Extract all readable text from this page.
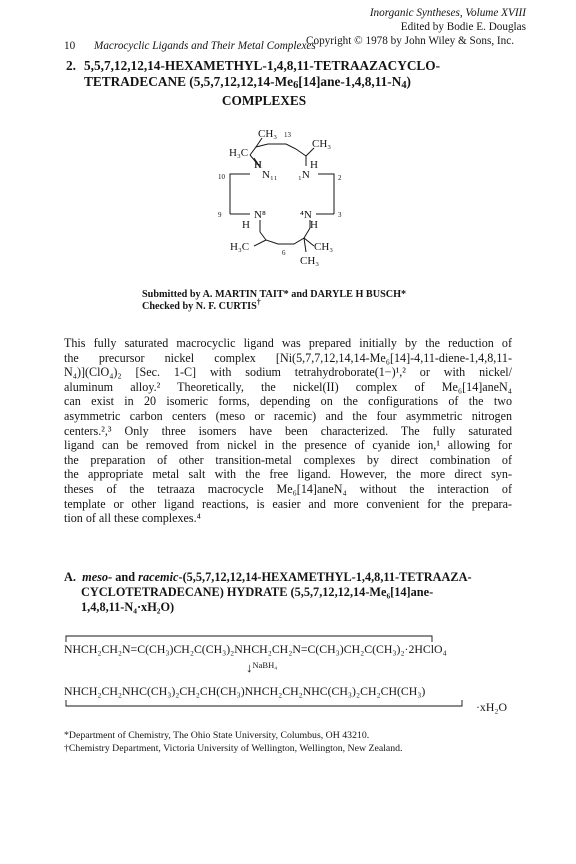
Inorganic Syntheses, Volume XVIII
Edited by Bodie E. Douglas
Copyright © 1978 by John Wiley & Sons, Inc.
10 Macrocyclic Ligands and Their Metal Complexes
2. 5,5,7,12,12,14-HEXAMETHYL-1,4,8,11-TETRAAZACYCLO-
TETRADECANE (5,5,7,12,12,14-Me6[14]ane-1,4,8,11-N4)
COMPLEXES
CH₃ 13
CH₃
H₃C
H	H
10	N₁₁ ₁N	2
9	N⁸	⁴N	3
H	H
H₃C	CH₃
6
CH₃
Submitted by A. MARTIN TAIT* and DARYLE H BUSCH*
Checked by N. F. CURTIS†
This fully saturated macrocyclic ligand was prepared initially by the reduction of
the precursor nickel complex [Ni(5,7,7,12,14,14-Me₆[14]-4,11-diene-1,4,8,11-
N₄)](ClO₄)₂ [Sec. 1-C] with sodium tetrahydroborate(1−)¹,² or with nickel/
aluminum alloy.² Theoretically, the nickel(II) complex of Me₆[14]aneN₄
can exist in 20 isomeric forms, depending on the configurations of the two
asymmetric carbon centers (meso or racemic) and the four asymmetric nitrogen
centers.²,³ Only three isomers have been characterized. The fully saturated
ligand can be removed from nickel in the presence of cyanide ion,¹ allowing for
the preparation of other transition-metal complexes by direct combination of
the appropriate metal salt with the free ligand. However, the more direct syn-
theses of the tetraaza macrocycle Me₆[14]aneN₄ without the interaction of
template or other ligand reactions, is easier and more convenient for the prepara-
tion of all these complexes.⁴
A. meso- and racemic-(5,5,7,12,12,14-HEXAMETHYL-1,4,8,11-TETRAAZA-
CYCLOTETRADECANE) HYDRATE (5,5,7,12,12,14-Me₆[14]ane-
1,4,8,11-N₄·xH₂O)
NHCH₂CH₂N=C(CH₃)CH₂C(CH₃)₂NHCH₂CH₂N=C(CH₃)CH₂C(CH₃)₂·2HClO₄
↓$^{NaBH_4}$
NHCH₂CH₂NHC(CH₃)₂CH₂CH(CH₃)NHCH₂CH₂NHC(CH₃)₂CH₂CH(CH₃)
·xH₂O
*Department of Chemistry, The Ohio State University, Columbus, OH 43210.
†Chemistry Department, Victoria University of Wellington, Wellington, New Zealand.
